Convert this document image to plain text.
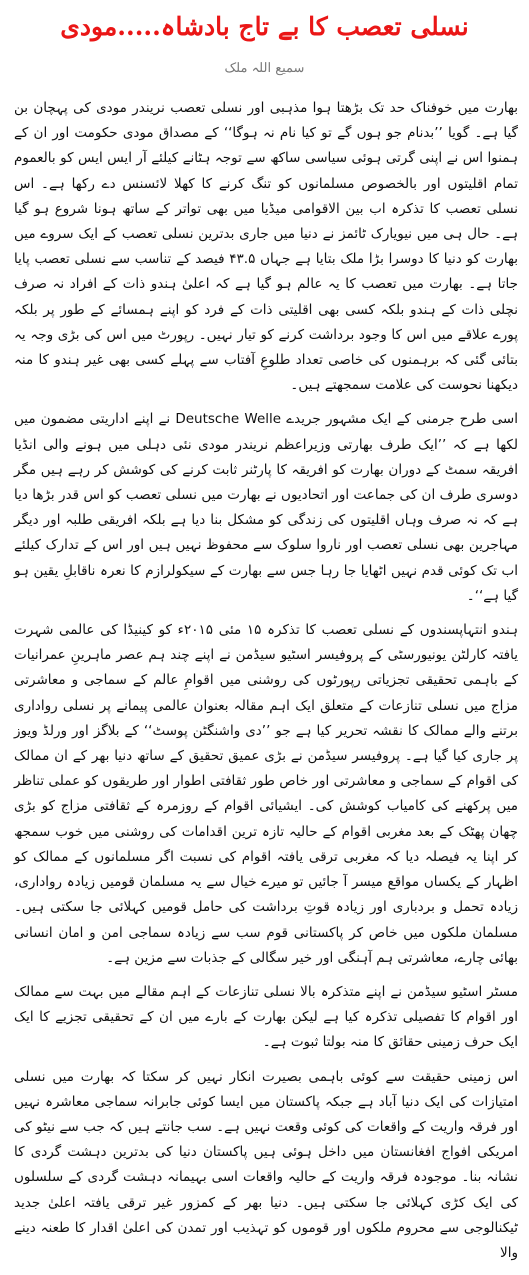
نسلی تعصب کا بے تاج بادشاہ.....مودی
سمیع اللہ ملک

بھارت میں خوفناک حد تک بڑھتا ہوا مذہبی اور نسلی تعصب نریندر مودی کی پہچان بن گیا ہے۔ گویا ’’بدنام جو ہوں گے تو کیا نام نہ ہوگا‘‘ کے مصداق مودی حکومت اور ان کے ہمنوا اس نے اپنی گرتی ہوئی سیاسی ساکھ سے توجہ ہٹانے کیلئے آر ایس ایس کو بالعموم تمام اقلیتوں اور بالخصوص مسلمانوں کو تنگ کرنے کا کھلا لائسنس دے رکھا ہے۔ اس نسلی تعصب کا تذکرہ اب بین الاقوامی میڈیا میں بھی تواتر کے ساتھ ہونا شروع ہو گیا ہے۔ حال ہی میں نیویارک ٹائمز نے دنیا میں جاری بدترین نسلی تعصب کے ایک سروے میں بھارت کو دنیا کا دوسرا بڑا ملک بتایا ہے جہاں ۴۳.۵ فیصد کے تناسب سے نسلی تعصب پایا جاتا ہے۔ بھارت میں تعصب کا یہ عالم ہو گیا ہے کہ اعلیٰ ہندو ذات کے افراد نہ صرف نچلی ذات کے ہندو بلکہ کسی بھی اقلیتی ذات کے فرد کو اپنے ہمسائے کے طور پر بلکہ پورے علاقے میں اس کا وجود برداشت کرنے کو تیار نہیں۔ رپورٹ میں اس کی بڑی وجہ یہ بتائی گئی کہ برہمنوں کی خاصی تعداد طلوعِ آفتاب سے پہلے کسی بھی غیر ہندو کا منہ دیکھنا نحوست کی علامت سمجھتے ہیں۔

اسی طرح جرمنی کے ایک مشہور جریدے Deutsche Welle نے اپنے اداریتی مضمون میں لکھا ہے کہ ’’ایک طرف بھارتی وزیراعظم نریندر مودی نئی دہلی میں ہونے والی انڈیا افریقہ سمٹ کے دوران بھارت کو افریقہ کا پارٹنر ثابت کرنے کی کوشش کر رہے ہیں مگر دوسری طرف ان کی جماعت اور اتحادیوں نے بھارت میں نسلی تعصب کو اس قدر بڑھا دیا ہے کہ نہ صرف وہاں اقلیتوں کی زندگی کو مشکل بنا دیا ہے بلکہ افریقی طلبہ اور دیگر مہاجرین بھی نسلی تعصب اور ناروا سلوک سے محفوظ نہیں ہیں اور اس کے تدارک کیلئے اب تک کوئی قدم نہیں اٹھایا جا رہا جس سے بھارت کے سیکولرازم کا نعرہ ناقابلِ یقین ہو گیا ہے‘‘۔

ہندو انتہاپسندوں کے نسلی تعصب کا تذکرہ ۱۵ مئی ۲۰۱۵ء کو کینیڈا کی عالمی شہرت یافتہ کارلٹن یونیورسٹی کے پروفیسر اسٹیو سیڈمن نے اپنے چند ہم عصر ماہرینِ عمرانیات کے باہمی تحقیقی تجزیاتی رپورٹوں کی روشنی میں اقوامِ عالم کے سماجی و معاشرتی مزاج میں نسلی تنازعات کے متعلق ایک اہم مقالہ بعنوان عالمی پیمانے پر نسلی رواداری برتنے والے ممالک کا نقشہ تحریر کیا ہے جو ’’دی واشنگٹن پوسٹ‘‘ کے بلاگز اور ورلڈ ویوز پر جاری کیا گیا ہے۔ پروفیسر سیڈمن نے بڑی عمیق تحقیق کے ساتھ دنیا بھر کے ان ممالک کی اقوام کے سماجی و معاشرتی اور خاص طور ثقافتی اطوار اور طریقوں کو عملی تناظر میں پرکھنے کی کامیاب کوشش کی۔ ایشیائی اقوام کے روزمرہ کے ثقافتی مزاج کو بڑی چھان پھٹک کے بعد مغربی اقوام کے حالیہ تازہ ترین اقدامات کی روشنی میں خوب سمجھ کر اپنا یہ فیصلہ دیا کہ مغربی ترقی یافتہ اقوام کی نسبت اگر مسلمانوں کے ممالک کو اظہار کے یکساں مواقع میسر آ جائیں تو میرے خیال سے یہ مسلمان قومیں زیادہ رواداری، زیادہ تحمل و بردباری اور زیادہ قوتِ برداشت کی حامل قومیں کہلائی جا سکتی ہیں۔ مسلمان ملکوں میں خاص کر پاکستانی قوم سب سے زیادہ سماجی امن و امان انسانی بھائی چارے، معاشرتی ہم آہنگی اور خیر سگالی کے جذبات سے مزین ہے۔

مسٹر اسٹیو سیڈمن نے اپنے متذکرہ بالا نسلی تنازعات کے اہم مقالے میں بہت سے ممالک اور اقوام کا تفصیلی تذکرہ کیا ہے لیکن بھارت کے بارے میں ان کے تحقیقی تجزیے کا ایک ایک حرف زمینی حقائق کا منہ بولتا ثبوت ہے۔

اس زمینی حقیقت سے کوئی باہمی بصیرت انکار نہیں کر سکتا کہ بھارت میں نسلی امتیازات کی ایک دنیا آباد ہے جبکہ پاکستان میں ایسا کوئی جابرانہ سماجی معاشرہ نہیں اور فرقہ واریت کے واقعات کی کوئی وقعت نہیں ہے۔ سب جانتے ہیں کہ جب سے نیٹو کی امریکی افواج افغانستان میں داخل ہوئی ہیں پاکستان دنیا کی بدترین دہشت گردی کا نشانہ بنا۔ موجودہ فرقہ واریت کے حالیہ واقعات اسی بہیمانہ دہشت گردی کے سلسلوں کی ایک کڑی کہلائی جا سکتی ہیں۔ دنیا بھر کے کمزور غیر ترقی یافتہ اعلیٰ جدید ٹیکنالوجی سے محروم ملکوں اور قوموں کو تہذیب اور تمدن کی اعلیٰ اقدار کا طعنہ دینے والا
